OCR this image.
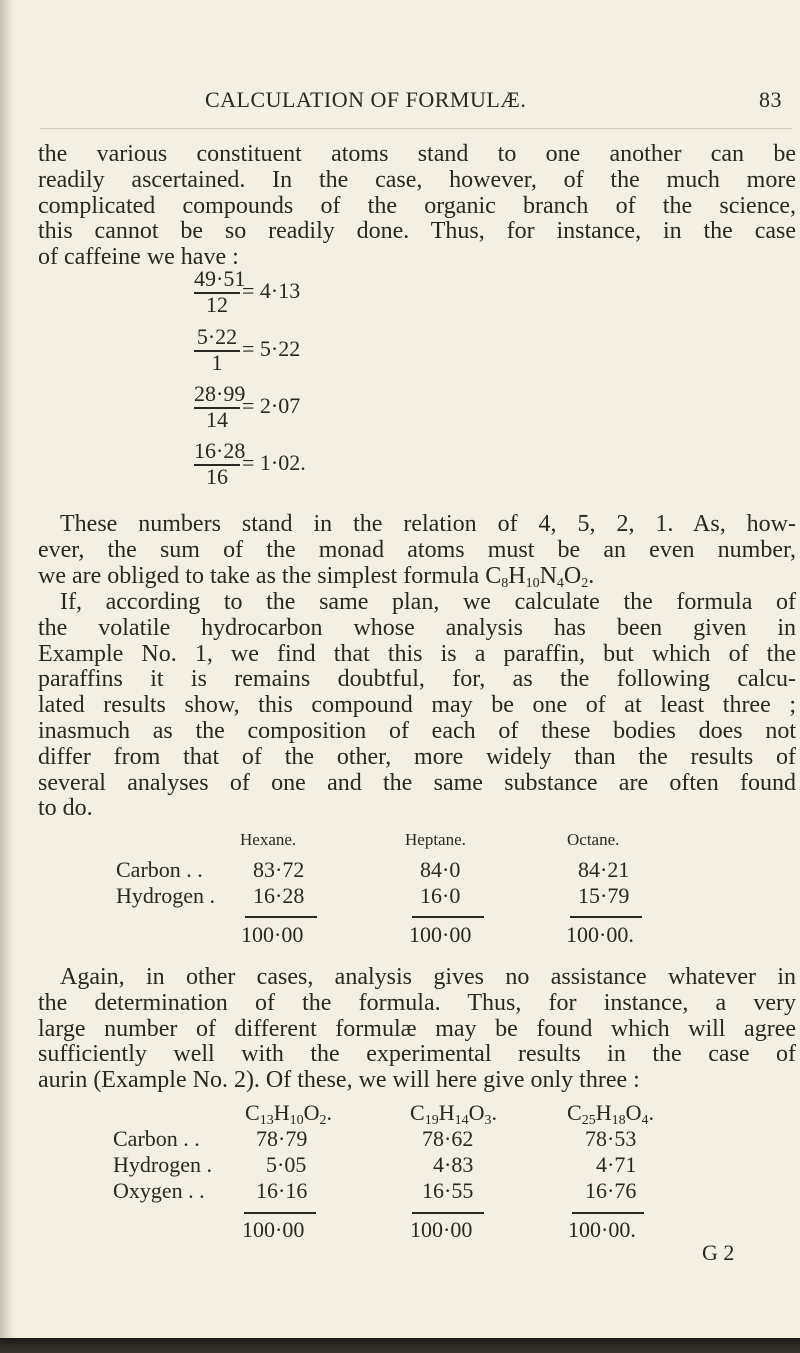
CALCULATION OF FORMULÆ.	83
the various constituent atoms stand to one another can be
readily ascertained. In the case, however, of the much more
complicated compounds of the organic branch of the science,
this cannot be so readily done. Thus, for instance, in the case
of caffeine we have :
49·51
12
= 4·13
5·22
1
= 5·22
28·99
14
= 2·07
16·28
16
= 1·02.
These numbers stand in the relation of 4, 5, 2, 1. As, how-
ever, the sum of the monad atoms must be an even number,
we are obliged to take as the simplest formula $C_8H_{10}N_4O_2$.
If, according to the same plan, we calculate the formula of
the volatile hydrocarbon whose analysis has been given in
Example No. 1, we find that this is a paraffin, but which of the
paraffins it is remains doubtful, for, as the following calcu-
lated results show, this compound may be one of at least three ;
inasmuch as the composition of each of these bodies does not
differ from that of the other, more widely than the results of
several analyses of one and the same substance are often found
to do.
Hexane.	Heptane.	Octane.
Carbon . . 83·72	84·0	84·21
Hydrogen . 16·28	16·0	15·79
100·00	100·00	100·00.
Again, in other cases, analysis gives no assistance whatever in
the determination of the formula. Thus, for instance, a very
large number of different formulæ may be found which will agree
sufficiently well with the experimental results in the case of
aurin (Example No. 2). Of these, we will here give only three :
$C_{13}H_{10}O_2$.	$C_{19}H_{14}O_3$.	$C_{25}H_{18}O_4$.
Carbon . .	78·79	78·62	78·53
Hydrogen . 5·05	4·83	4·71
Oxygen . . 16·16	16·55	16·76
100·00	100·00	100·00.
G 2
